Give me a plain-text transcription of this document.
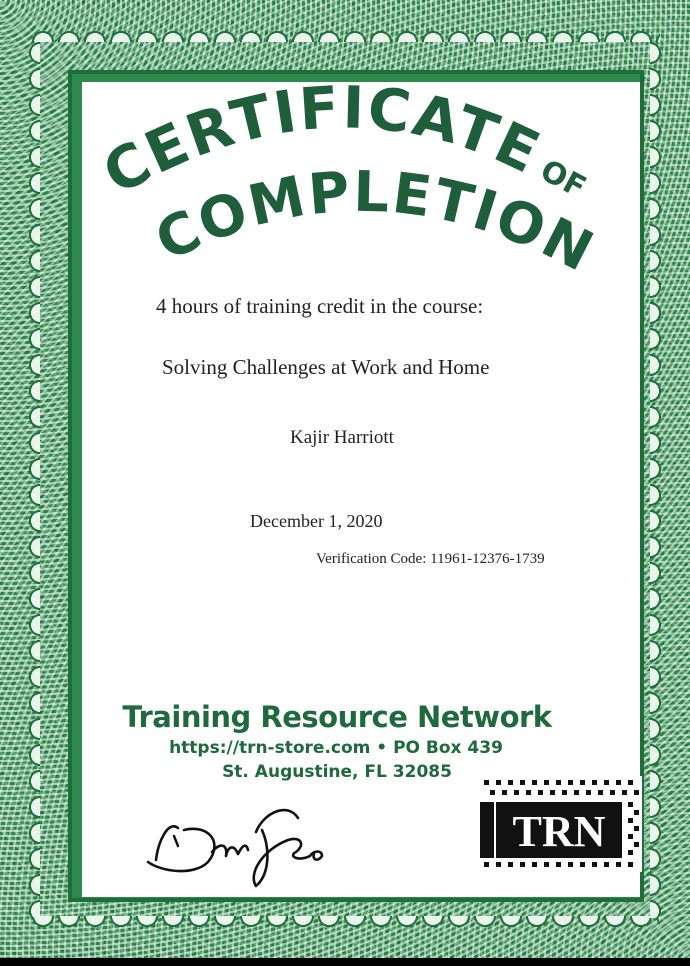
CERTIFICATE
OF
COMPLETION
4 hours of training credit in the course:
Solving Challenges at Work and Home
Kajir Harriott
December 1, 2020
Verification Code: 11961-12376-1739
Training Resource Network
https://trn-store.com • PO Box 439
St. Augustine, FL 32085
TRN
